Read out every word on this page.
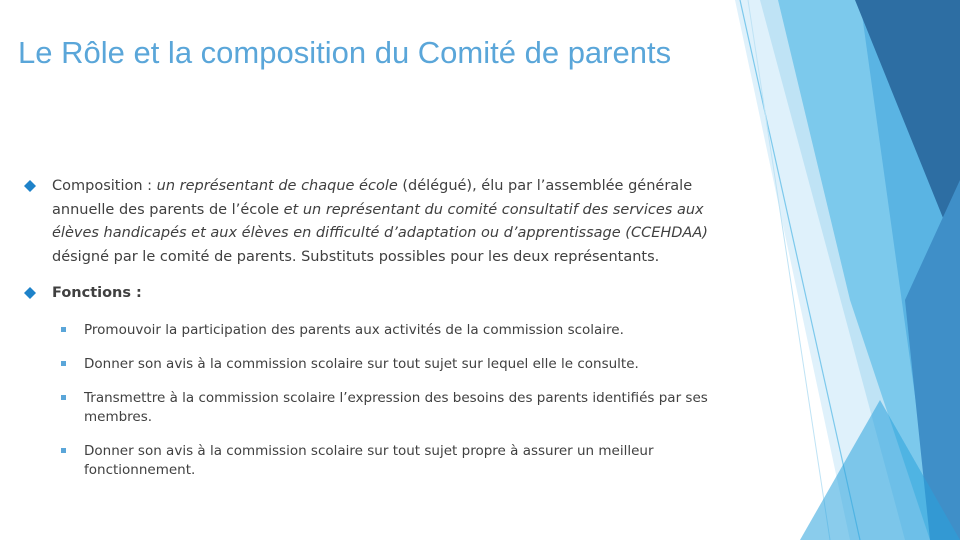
Le Rôle et la composition du Comité de parents
Composition : un représentant de chaque école (délégué), élu par l’assemblée générale annuelle des parents de l’école et un représentant du comité consultatif des services aux élèves handicapés et aux élèves en difficulté d’adaptation ou d’apprentissage (CCEHDAA) désigné par le comité de parents. Substituts possibles pour les deux représentants.
Fonctions :
Promouvoir la participation des parents aux activités de la commission scolaire.
Donner son avis à la commission scolaire sur tout sujet sur lequel elle le consulte.
Transmettre à la commission scolaire l’expression des besoins des parents identifiés par ses membres.
Donner son avis à la commission scolaire sur tout sujet propre à assurer un meilleur fonctionnement.
